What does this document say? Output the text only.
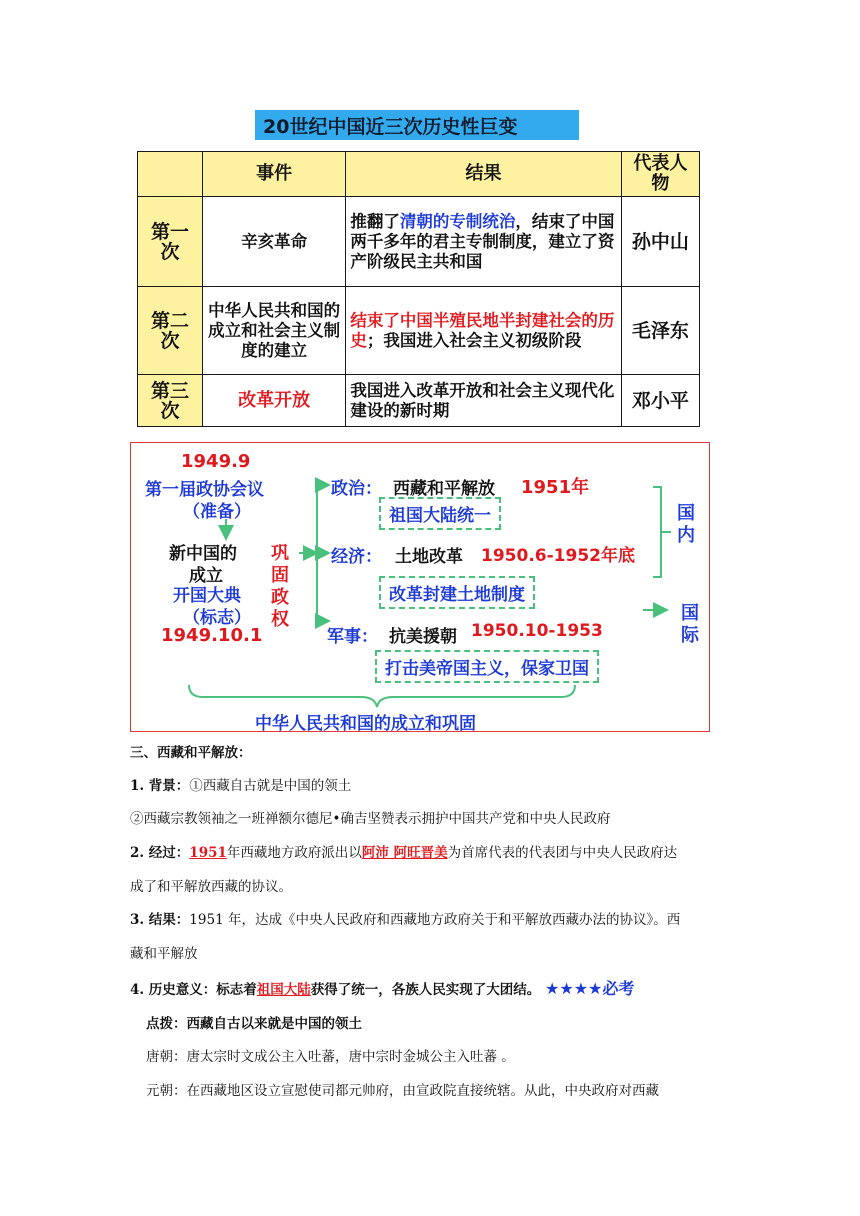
20世纪中国近三次历史性巨变
	事件	结果	代表人物
第一次	辛亥革命	推翻了清朝的专制统治，结束了中国两千多年的君主专制制度，建立了资产阶级民主共和国	孙中山
第二次	中华人民共和国的成立和社会主义制度的建立	结束了中国半殖民地半封建社会的历史；我国进入社会主义初级阶段	毛泽东
第三次	改革开放	我国进入改革开放和社会主义现代化建设的新时期	邓小平
1949.9
第一届政协会议
（准备）
新中国的
成立
开国大典
（标志）
1949.10.1
巩
固
政
权
政治： 西藏和平解放 1951年
祖国大陆统一
经济： 土地改革 1950.6-1952年底
改革封建土地制度
军事： 抗美援朝 1950.10-1953
打击美帝国主义，保家卫国
国
内
国
际
中华人民共和国的成立和巩固
三、西藏和平解放：
1. 背景：①西藏自古就是中国的领土
②西藏宗教领袖之一班禅额尔德尼•确吉坚赞表示拥护中国共产党和中央人民政府
2. 经过：1951年西藏地方政府派出以阿沛 阿旺晋美为首席代表的代表团与中央人民政府达
成了和平解放西藏的协议。
3. 结果：1951 年，达成《中央人民政府和西藏地方政府关于和平解放西藏办法的协议》。西
藏和平解放
4. 历史意义：标志着祖国大陆获得了统一，各族人民实现了大团结。 ★★★★必考
点拨：西藏自古以来就是中国的领土
唐朝：唐太宗时文成公主入吐蕃，唐中宗时金城公主入吐蕃 。
元朝：在西藏地区设立宣慰使司都元帅府，由宣政院直接统辖。从此，中央政府对西藏
